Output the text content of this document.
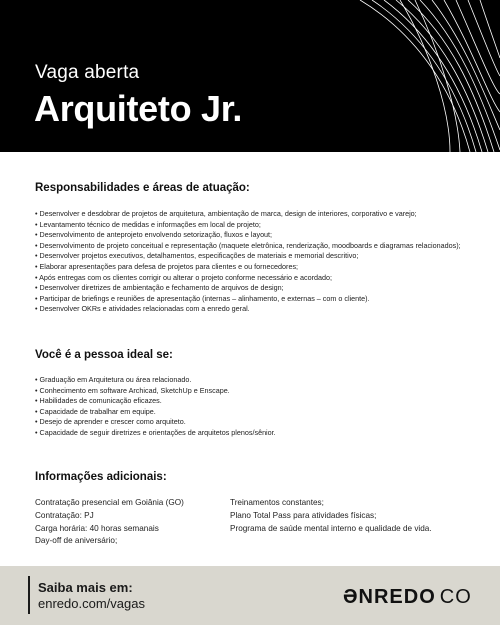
Vaga aberta
Arquiteto Jr.
Responsabilidades e áreas de atuação:
• Desenvolver e desdobrar de projetos de arquitetura, ambientação de marca, design de interiores, corporativo e varejo;
• Levantamento técnico de medidas e informações em local de projeto;
• Desenvolvimento de anteprojeto envolvendo setorização, fluxos e layout;
• Desenvolvimento de projeto conceitual e representação (maquete eletrônica, renderização, moodboards e diagramas relacionados);
• Desenvolver projetos executivos, detalhamentos, especificações de materiais e memorial descritivo;
• Elaborar apresentações para defesa de projetos para clientes e ou fornecedores;
• Após entregas com os clientes corrigir ou alterar o projeto conforme necessário e acordado;
• Desenvolver diretrizes de ambientação e fechamento de arquivos de design;
• Participar de briefings e reuniões de apresentação (internas – alinhamento, e externas – com o cliente).
• Desenvolver OKRs e atividades relacionadas com a enredo geral.
Você é a pessoa ideal se:
• Graduação em Arquitetura ou área relacionado.
• Conhecimento em software Archicad, SketchUp e Enscape.
• Habilidades de comunicação eficazes.
• Capacidade de trabalhar em equipe.
• Desejo de aprender e crescer como arquiteto.
• Capacidade de seguir diretrizes e orientações de arquitetos plenos/sênior.
Informações adicionais:
Contratação presencial em Goiânia (GO)
Contratação: PJ
Carga horária: 40 horas semanais
Day-off de aniversário;
Treinamentos constantes;
Plano Total Pass para atividades físicas;
Programa de saúde mental interno e qualidade de vida.
Saiba mais em:
enredo.com/vagas	ƏNREDO CO
